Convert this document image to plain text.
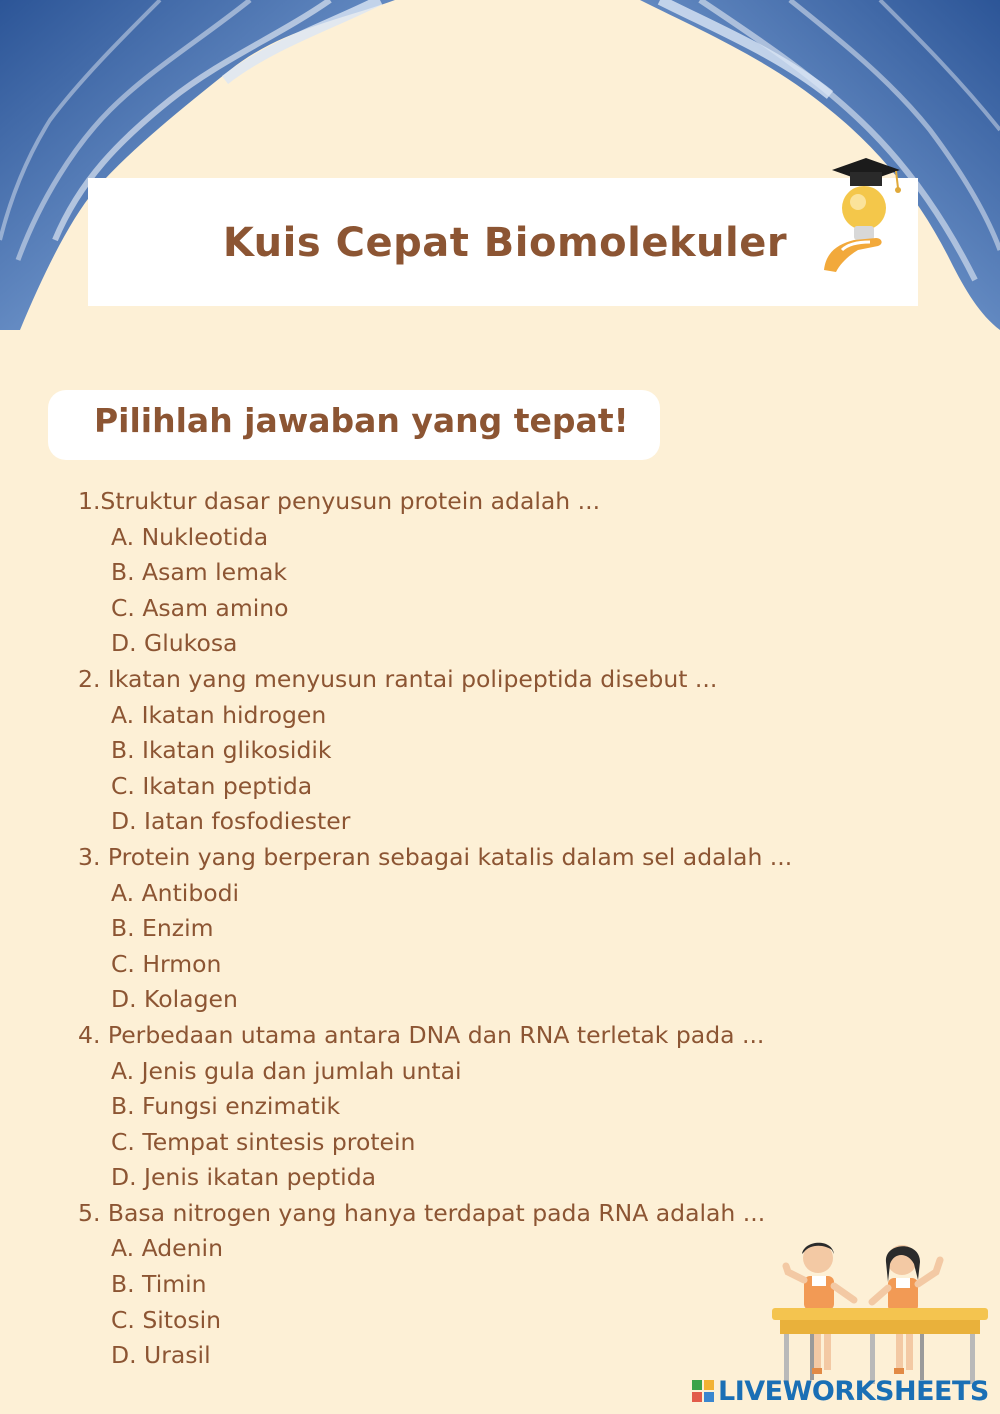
Kuis Cepat Biomolekuler
Pilihlah jawaban yang tepat!
1.Struktur dasar penyusun protein adalah ...
A. Nukleotida
B. Asam lemak
C. Asam amino
D. Glukosa
2. Ikatan yang menyusun rantai polipeptida disebut ...
A. Ikatan hidrogen
B. Ikatan glikosidik
C. Ikatan peptida
D. Iatan fosfodiester
3. Protein yang berperan sebagai katalis dalam sel adalah ...
A. Antibodi
B. Enzim
C. Hrmon
D. Kolagen
4. Perbedaan utama antara DNA dan RNA terletak pada ...
A. Jenis gula dan jumlah untai
B. Fungsi enzimatik
C. Tempat sintesis protein
D. Jenis ikatan peptida
5. Basa nitrogen yang hanya terdapat pada RNA adalah ...
A. Adenin
B. Timin
C. Sitosin
D. Urasil
LIVEWORKSHEETS
